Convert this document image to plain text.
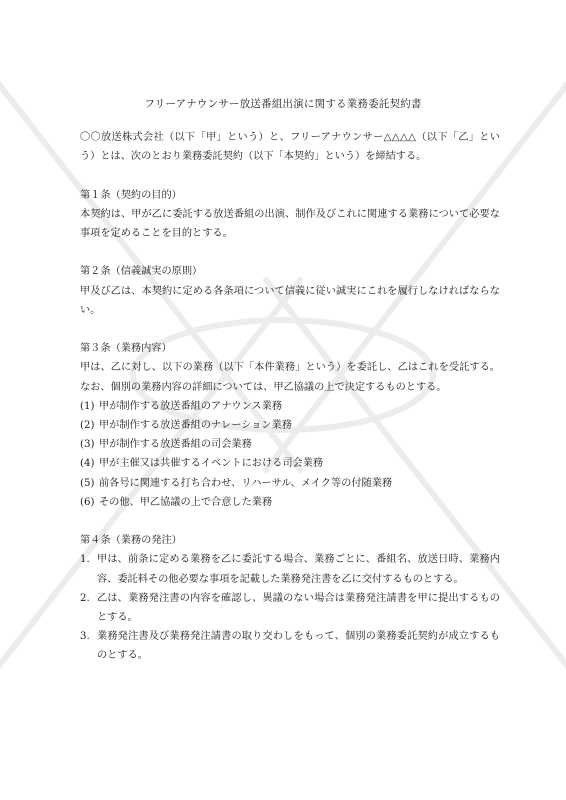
フリーアナウンサー放送番組出演に関する業務委託契約書

〇〇放送株式会社（以下「甲」という）と、フリーアナウンサー△△△△（以下「乙」という）とは、次のとおり業務委託契約（以下「本契約」という）を締結する。

第１条（契約の目的）

本契約は、甲が乙に委託する放送番組の出演、制作及びこれに関連する業務について必要な事項を定めることを目的とする。

第２条（信義誠実の原則）

甲及び乙は、本契約に定める各条項について信義に従い誠実にこれを履行しなければならない。

第３条（業務内容）

甲は、乙に対し、以下の業務（以下「本件業務」という）を委託し、乙はこれを受託する。なお、個別の業務内容の詳細については、甲乙協議の上で決定するものとする。

(1) 甲が制作する放送番組のアナウンス業務
(2) 甲が制作する放送番組のナレーション業務
(3) 甲が制作する放送番組の司会業務
(4) 甲が主催又は共催するイベントにおける司会業務
(5) 前各号に関連する打ち合わせ、リハーサル、メイク等の付随業務
(6) その他、甲乙協議の上で合意した業務

第４条（業務の発注）

1. 甲は、前条に定める業務を乙に委託する場合、業務ごとに、番組名、放送日時、業務内容、委託料その他必要な事項を記載した業務発注書を乙に交付するものとする。
2. 乙は、業務発注書の内容を確認し、異議のない場合は業務発注請書を甲に提出するものとする。
3. 業務発注書及び業務発注請書の取り交わしをもって、個別の業務委託契約が成立するものとする。
